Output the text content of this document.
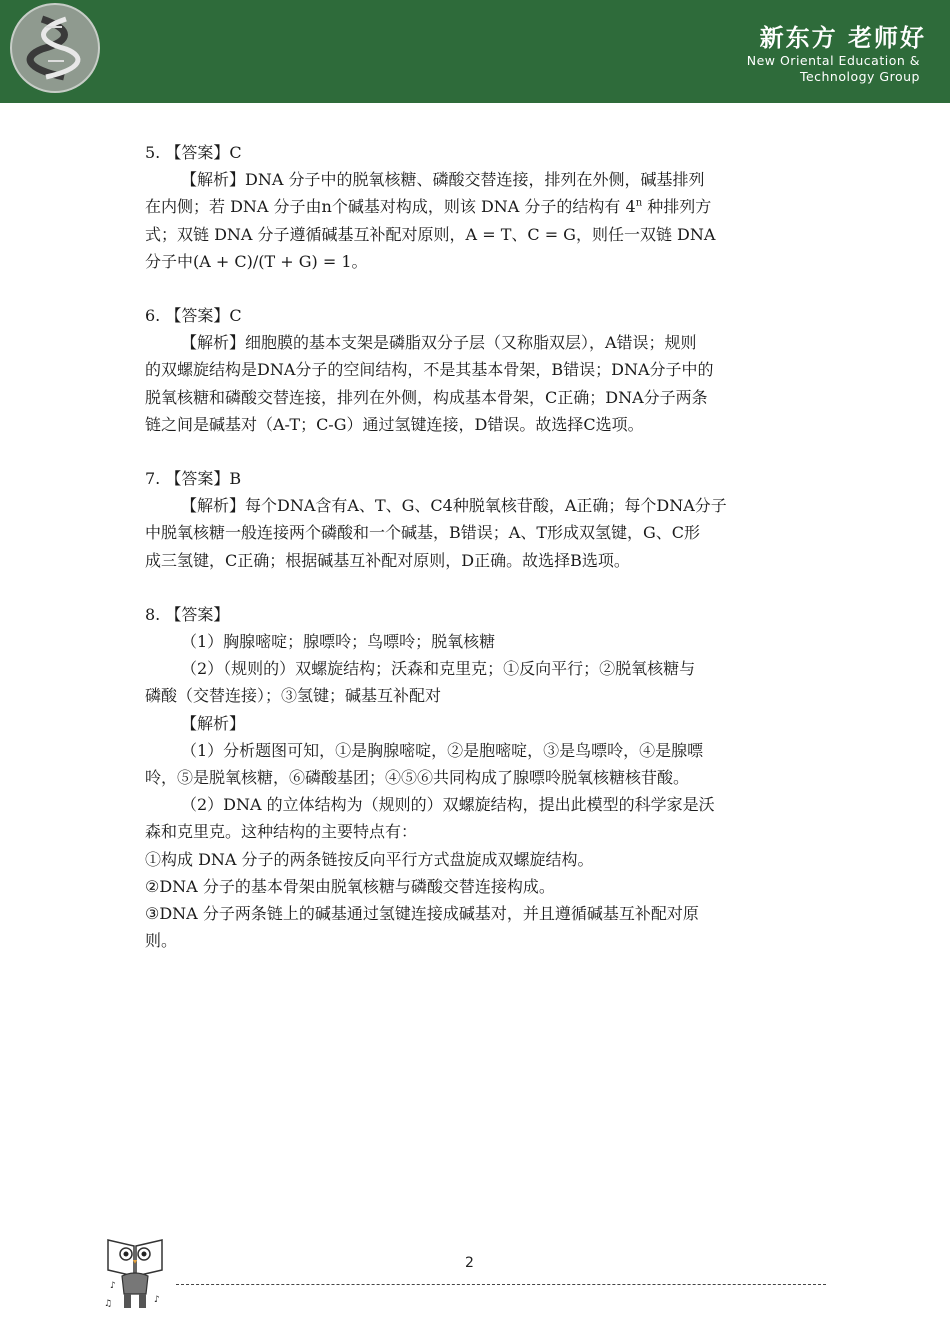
新东方 老师好
New Oriental Education &
Technology Group

5. 【答案】C

【解析】DNA 分子中的脱氧核糖、磷酸交替连接，排列在外侧，碱基排列

在内侧；若 DNA 分子由n个碱基对构成，则该 DNA 分子的结构有 4$^n$ 种排列方

式；双链 DNA 分子遵循碱基互补配对原则，A = T、C = G，则任一双链 DNA

分子中(A + C)/(T + G) = 1。

6. 【答案】C

【解析】细胞膜的基本支架是磷脂双分子层（又称脂双层），A错误；规则

的双螺旋结构是DNA分子的空间结构，不是其基本骨架，B错误；DNA分子中的

脱氧核糖和磷酸交替连接，排列在外侧，构成基本骨架，C正确；DNA分子两条

链之间是碱基对（A-T；C-G）通过氢键连接，D错误。故选择C选项。

7. 【答案】B

【解析】每个DNA含有A、T、G、C4种脱氧核苷酸，A正确；每个DNA分子

中脱氧核糖一般连接两个磷酸和一个碱基，B错误；A、T形成双氢键，G、C形

成三氢键，C正确；根据碱基互补配对原则，D正确。故选择B选项。

8. 【答案】

（1）胸腺嘧啶；腺嘌呤；鸟嘌呤；脱氧核糖

（2）（规则的）双螺旋结构；沃森和克里克；①反向平行；②脱氧核糖与

磷酸（交替连接）；③氢键；碱基互补配对

【解析】

（1）分析题图可知，①是胸腺嘧啶，②是胞嘧啶，③是鸟嘌呤，④是腺嘌

呤，⑤是脱氧核糖，⑥磷酸基团；④⑤⑥共同构成了腺嘌呤脱氧核糖核苷酸。

（2）DNA 的立体结构为（规则的）双螺旋结构，提出此模型的科学家是沃

森和克里克。这种结构的主要特点有：

①构成 DNA 分子的两条链按反向平行方式盘旋成双螺旋结构。

②DNA 分子的基本骨架由脱氧核糖与磷酸交替连接构成。

③DNA 分子两条链上的碱基通过氢键连接成碱基对，并且遵循碱基互补配对原

则。

♪
♪
♫
2
